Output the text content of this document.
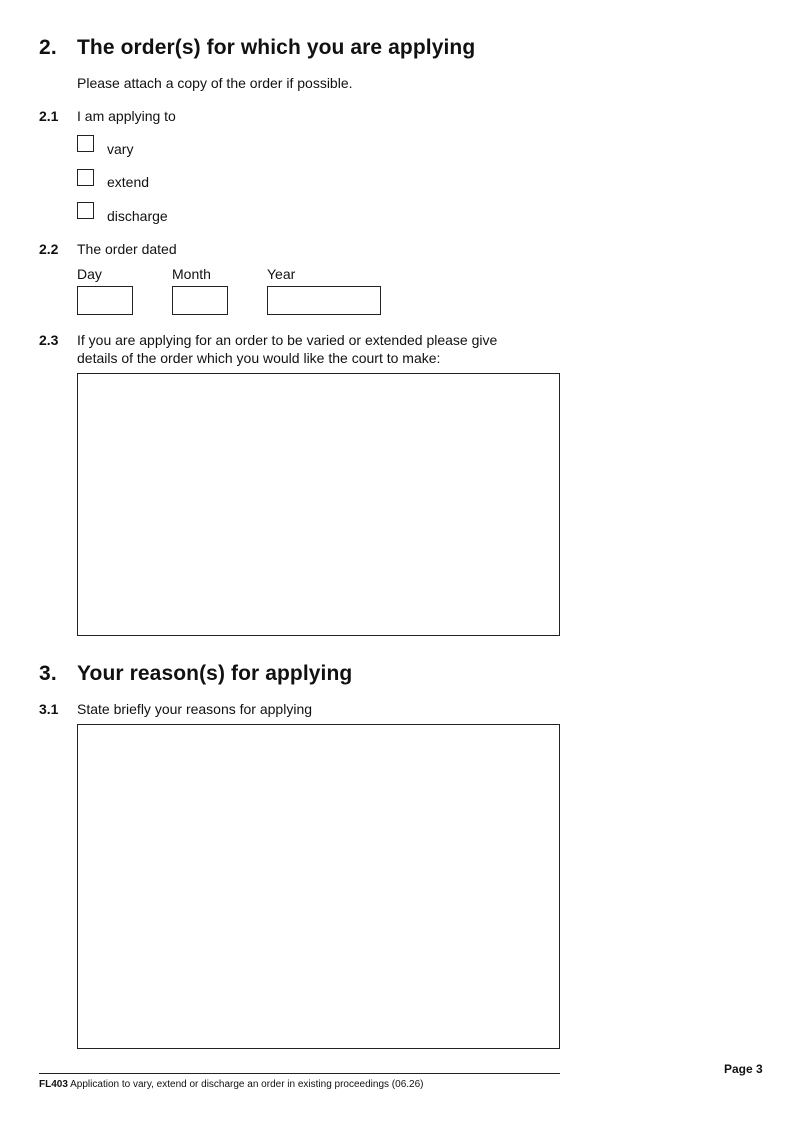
2. The order(s) for which you are applying
Please attach a copy of the order if possible.
2.1 I am applying to
vary
extend
discharge
2.2 The order dated
Day	Month	Year
2.3 If you are applying for an order to be varied or extended please give
details of the order which you would like the court to make:
3. Your reason(s) for applying
3.1 State briefly your reasons for applying
Page 3
FL403 Application to vary, extend or discharge an order in existing proceedings (06.26)
